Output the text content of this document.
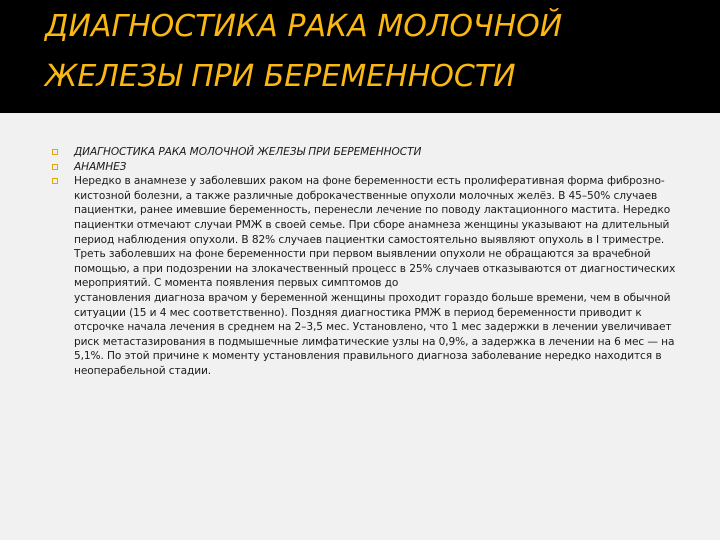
ДИАГНОСТИКА РАКА МОЛОЧНОЙ
ЖЕЛЕЗЫ ПРИ БЕРЕМЕННОСТИ
ДИАГНОСТИКА РАКА МОЛОЧНОЙ ЖЕЛЕЗЫ ПРИ БЕРЕМЕННОСТИ
АНАМНЕЗ
Нередко в анамнезе у заболевших раком на фоне беременности есть пролиферативная форма фиброзно-кистозной болезни, а также различные доброкачественные опухоли молочных желёз. В 45–50% случаев пациентки, ранее имевшие беременность, перенесли лечение по поводу лактационного мастита. Нередко пациентки отмечают случаи РМЖ в своей семье. При сборе анамнеза женщины указывают на длительный период наблюдения опухоли. В 82% случаев пациентки самостоятельно выявляют опухоль в I триместре. Треть заболевших на фоне беременности при первом выявлении опухоли не обращаются за врачебной помощью, а при подозрении на злокачественный процесс в 25% случаев отказываются от диагностических мероприятий. С момента появления первых симптомов до
установления диагноза врачом у беременной женщины проходит гораздо больше времени, чем в обычной ситуации (15 и 4 мес соответственно). Поздняя диагностика РМЖ в период беременности приводит к отсрочке начала лечения в среднем на 2–3,5 мес. Установлено, что 1 мес задержки в лечении увеличивает риск метастазирования в подмышечные лимфатические узлы на 0,9%, а задержка в лечении на 6 мес — на 5,1%. По этой причине к моменту установления правильного диагноза заболевание нередко находится в неоперабельной стадии.
